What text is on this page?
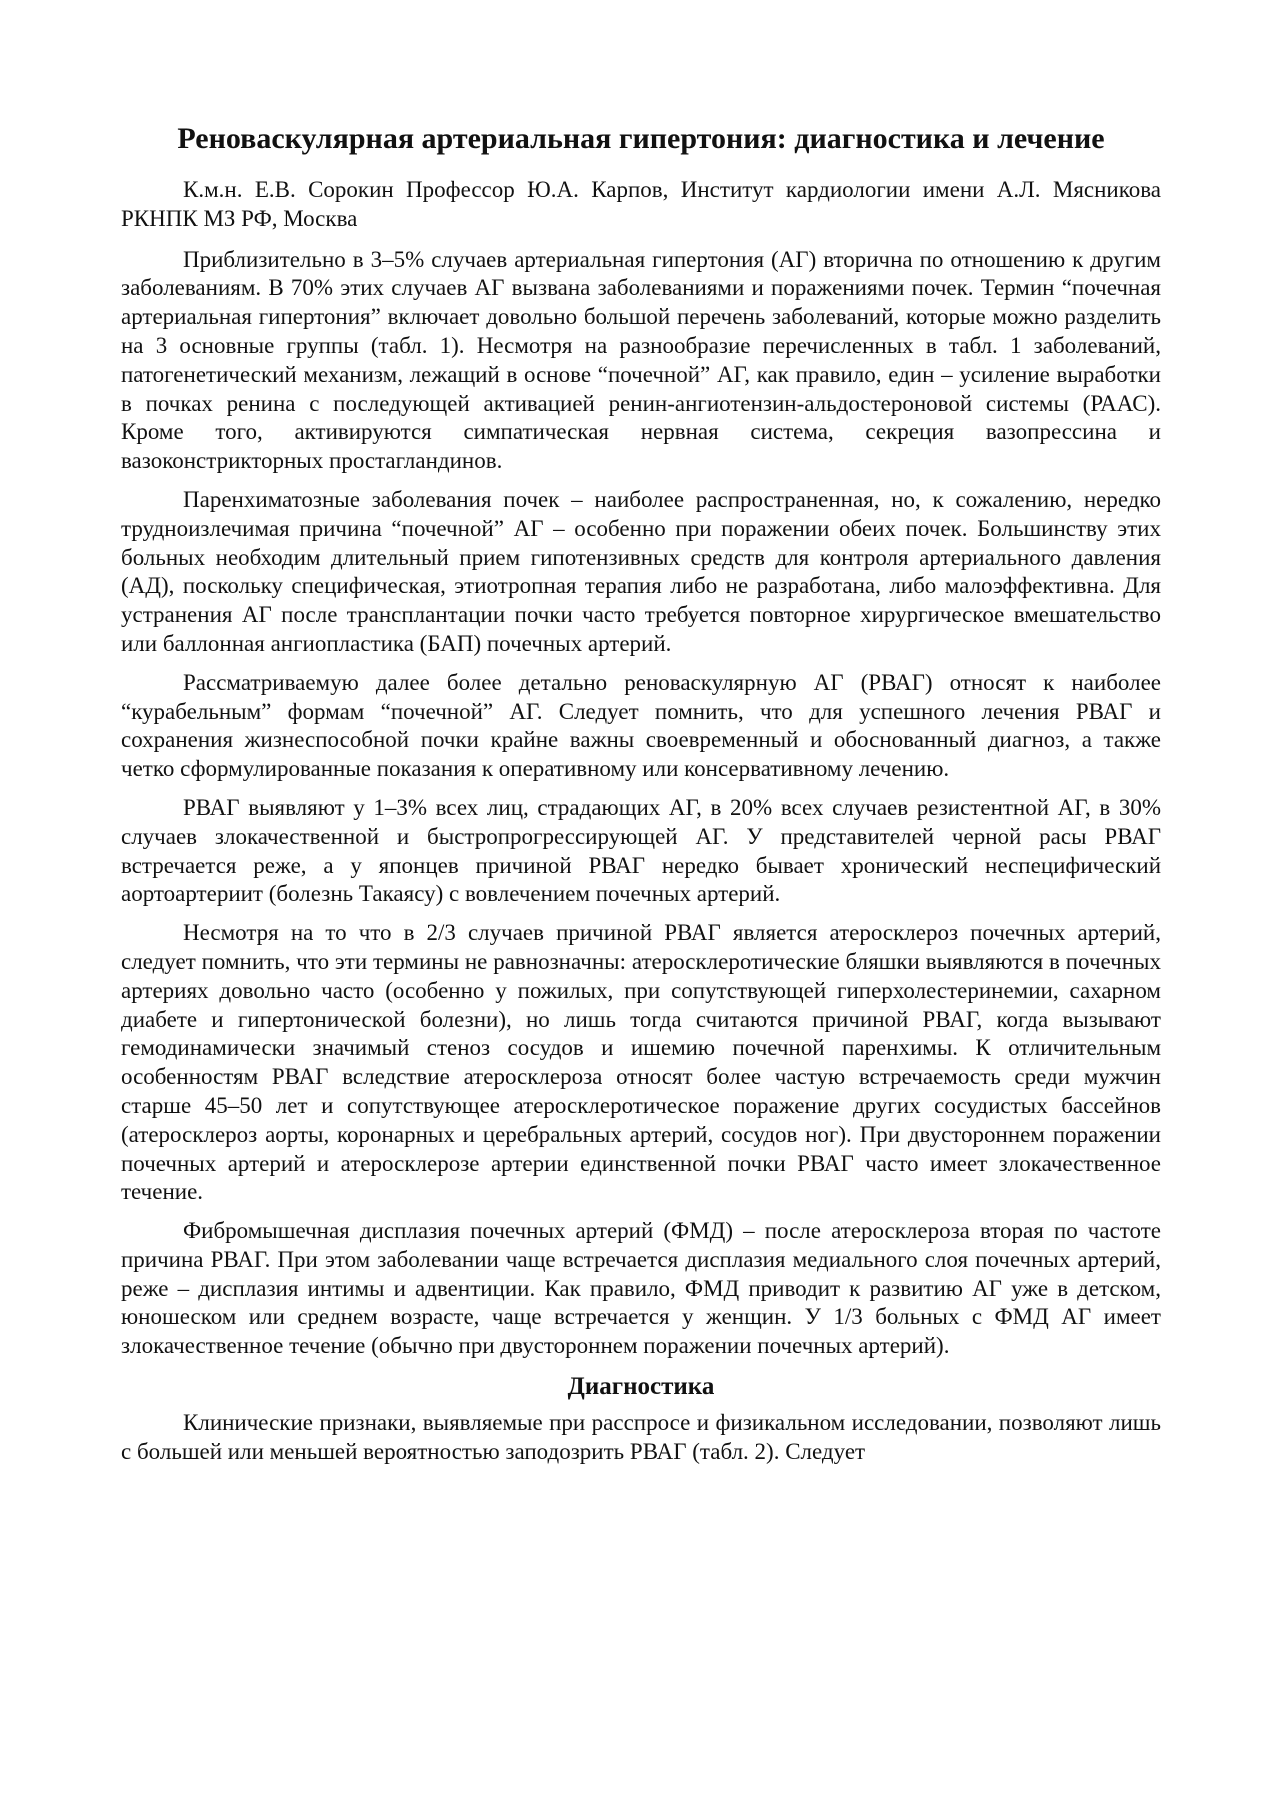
Реноваскулярная артериальная гипертония: диагностика и лечение

К.м.н. Е.В. Сорокин Профессор Ю.А. Карпов, Институт кардиологии имени А.Л. Мясникова РКНПК МЗ РФ, Москва

Приблизительно в 3–5% случаев артериальная гипертония (АГ) вторична по отношению к другим заболеваниям. В 70% этих случаев АГ вызвана заболеваниями и поражениями почек. Термин “почечная артериальная гипертония” включает довольно большой перечень заболеваний, которые можно разделить на 3 основные группы (табл. 1). Несмотря на разнообразие перечисленных в табл. 1 заболеваний, патогенетический механизм, лежащий в основе “почечной” АГ, как правило, един – усиление выработки в почках ренина с последующей активацией ренин-ангиотензин-альдостероновой системы (РААС). Кроме того, активируются симпатическая нервная система, секреция вазопрессина и вазоконстрикторных простагландинов.

Паренхиматозные заболевания почек – наиболее распространенная, но, к сожалению, нередко трудноизлечимая причина “почечной” АГ – особенно при поражении обеих почек. Большинству этих больных необходим длительный прием гипотензивных средств для контроля артериального давления (АД), поскольку специфическая, этиотропная терапия либо не разработана, либо малоэффективна. Для устранения АГ после трансплантации почки часто требуется повторное хирургическое вмешательство или баллонная ангиопластика (БАП) почечных артерий.

Рассматриваемую далее более детально реноваскулярную АГ (РВАГ) относят к наиболее “курабельным” формам “почечной” АГ. Следует помнить, что для успешного лечения РВАГ и сохранения жизнеспособной почки крайне важны своевременный и обоснованный диагноз, а также четко сформулированные показания к оперативному или консервативному лечению.

РВАГ выявляют у 1–3% всех лиц, страдающих АГ, в 20% всех случаев резистентной АГ, в 30% случаев злокачественной и быстропрогрессирующей АГ. У представителей черной расы РВАГ встречается реже, а у японцев причиной РВАГ нередко бывает хронический неспецифический аортоартериит (болезнь Такаясу) с вовлечением почечных артерий.

Несмотря на то что в 2/3 случаев причиной РВАГ является атеросклероз почечных артерий, следует помнить, что эти термины не равнозначны: атеросклеротические бляшки выявляются в почечных артериях довольно часто (особенно у пожилых, при сопутствующей гиперхолестеринемии, сахарном диабете и гипертонической болезни), но лишь тогда считаются причиной РВАГ, когда вызывают гемодинамически значимый стеноз сосудов и ишемию почечной паренхимы. К отличительным особенностям РВАГ вследствие атеросклероза относят более частую встречаемость среди мужчин старше 45–50 лет и сопутствующее атеросклеротическое поражение других сосудистых бассейнов (атеросклероз аорты, коронарных и церебральных артерий, сосудов ног). При двустороннем поражении почечных артерий и атеросклерозе артерии единственной почки РВАГ часто имеет злокачественное течение.

Фибромышечная дисплазия почечных артерий (ФМД) – после атеросклероза вторая по частоте причина РВАГ. При этом заболевании чаще встречается дисплазия медиального слоя почечных артерий, реже – дисплазия интимы и адвентиции. Как правило, ФМД приводит к развитию АГ уже в детском, юношеском или среднем возрасте, чаще встречается у женщин. У 1/3 больных с ФМД АГ имеет злокачественное течение (обычно при двустороннем поражении почечных артерий).

Диагностика

Клинические признаки, выявляемые при расспросе и физикальном исследовании, позволяют лишь с большей или меньшей вероятностью заподозрить РВАГ (табл. 2). Следует
